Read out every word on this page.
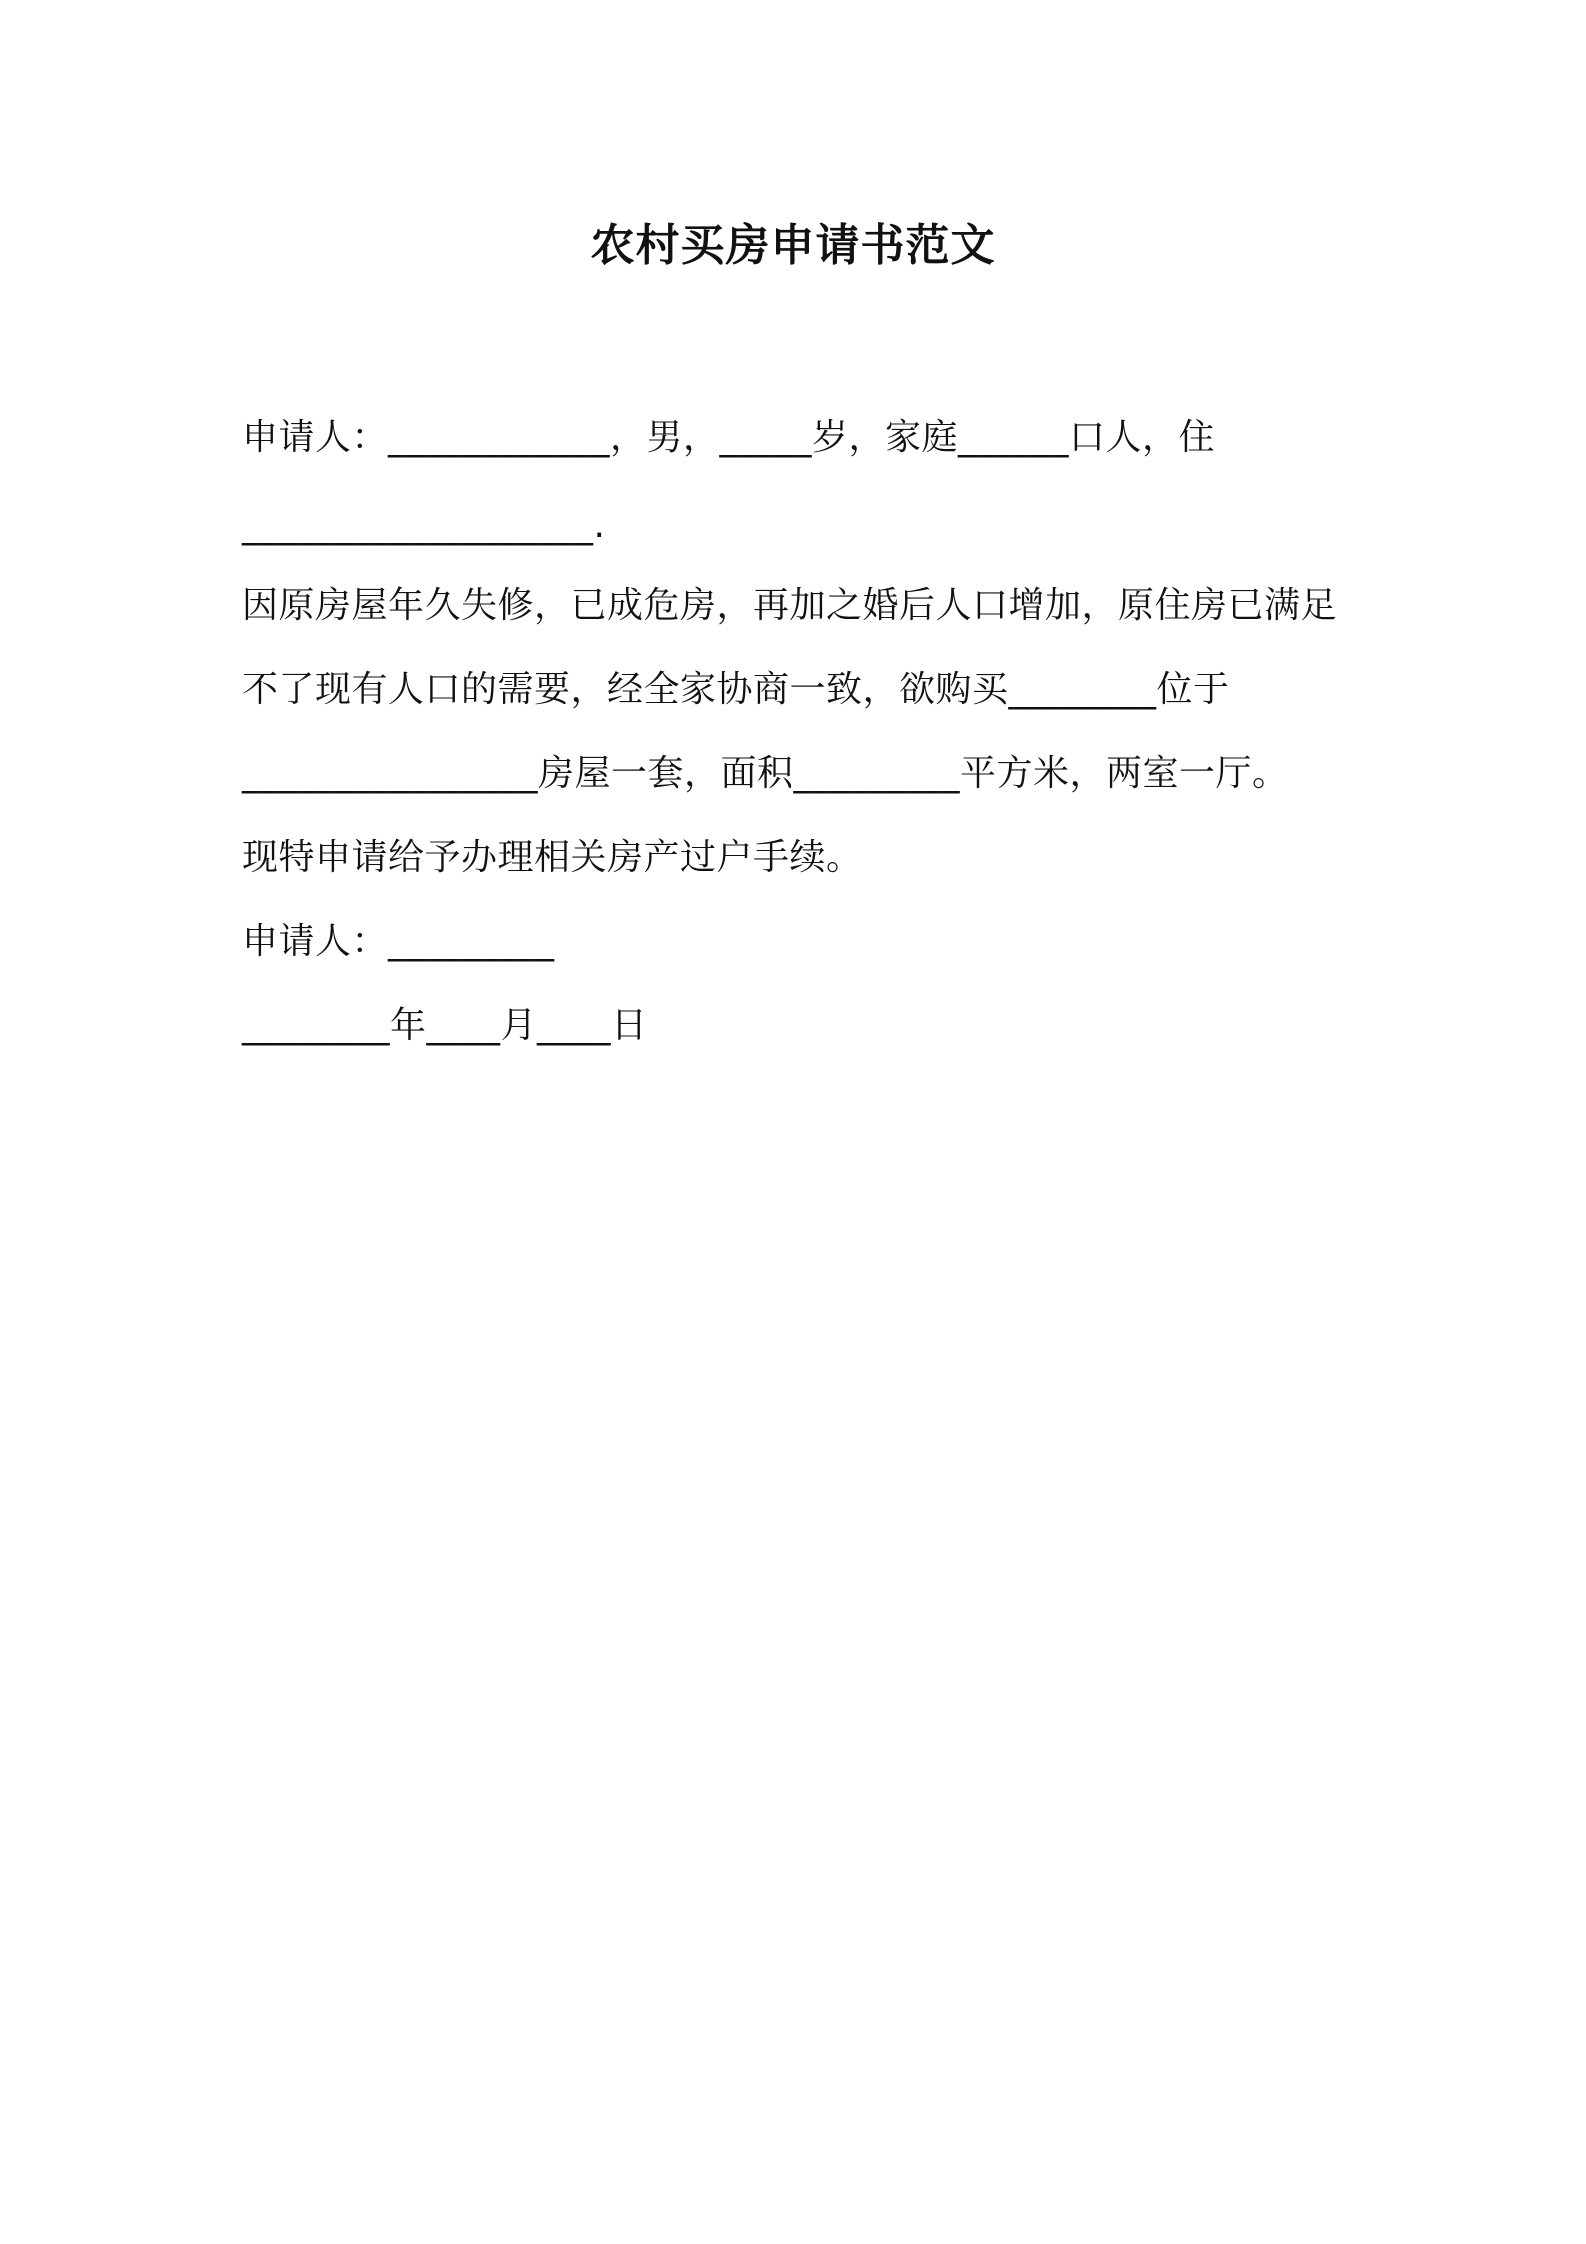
农村买房申请书范文
申请人：____________，男，_____岁，家庭______口人，住
___________________.
因原房屋年久失修，已成危房，再加之婚后人口增加，原住房已满足
不了现有人口的需要，经全家协商一致，欲购买________位于
________________房屋一套，面积_________平方米，两室一厅。
现特申请给予办理相关房产过户手续。
申请人：_________
________年____月____日
